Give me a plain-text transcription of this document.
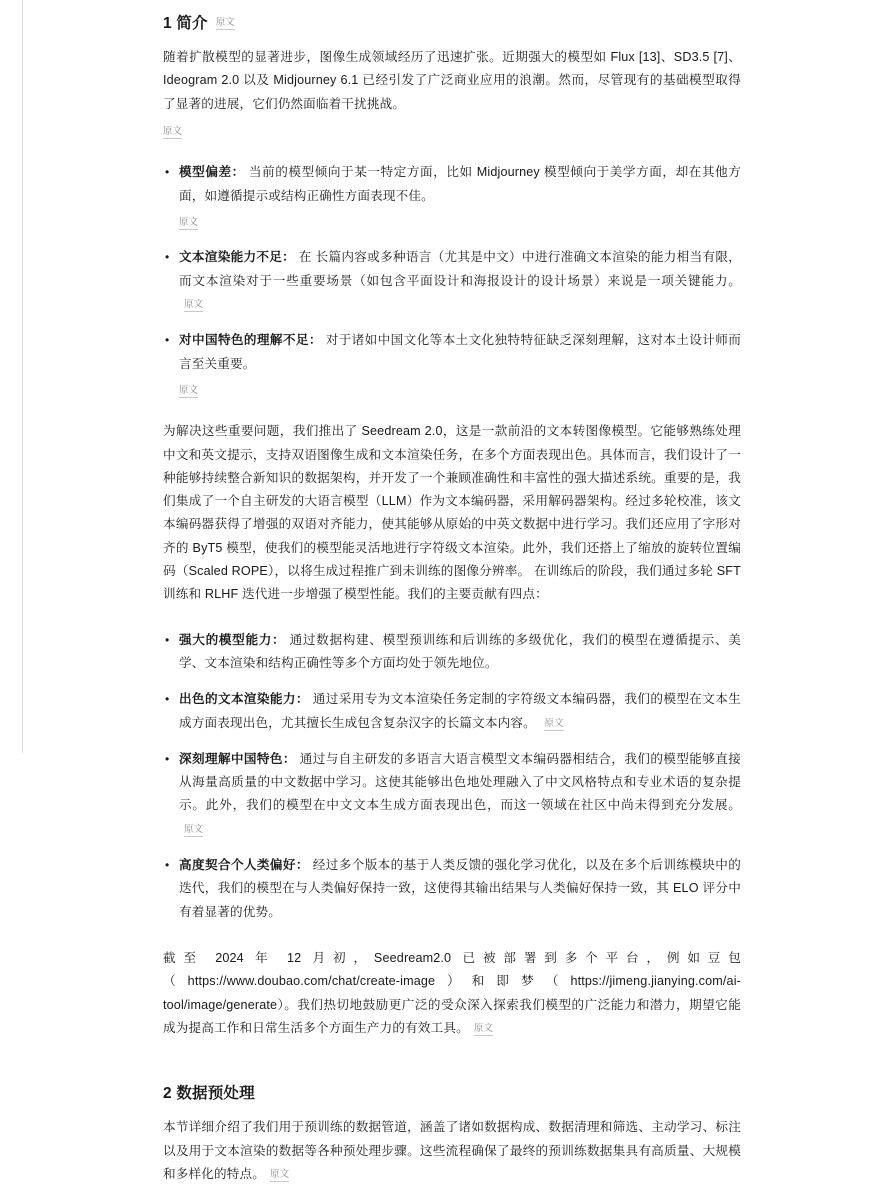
1 简介 原文

随着扩散模型的显著进步，图像生成领域经历了迅速扩张。近期强大的模型如 Flux [13]、SD3.5 [7]、Ideogram 2.0 以及 Midjourney 6.1 已经引发了广泛商业应用的浪潮。然而，尽管现有的基础模型取得了显著的进展，它们仍然面临着干扰挑战。

原文
• 模型偏差： 当前的模型倾向于某一特定方面，比如 Midjourney 模型倾向于美学方面，却在其他方面，如遵循提示或结构正确性方面表现不佳。
原文
• 文本渲染能力不足： 在 长篇内容或多种语言（尤其是中文）中进行准确文本渲染的能力相当有限，而文本渲染对于一些重要场景（如包含平面设计和海报设计的设计场景）来说是一项关键能力。 原文
• 对中国特色的理解不足： 对于诸如中国文化等本土文化独特特征缺乏深刻理解，这对本土设计师而言至关重要。
原文

为解决这些重要问题，我们推出了 Seedream 2.0，这是一款前沿的文本转图像模型。它能够熟练处理中文和英文提示，支持双语图像生成和文本渲染任务，在多个方面表现出色。具体而言，我们设计了一种能够持续整合新知识的数据架构，并开发了一个兼顾准确性和丰富性的强大描述系统。重要的是，我们集成了一个自主研发的大语言模型（LLM）作为文本编码器，采用解码器架构。经过多轮校准，该文本编码器获得了增强的双语对齐能力，使其能够从原始的中英文数据中进行学习。我们还应用了字形对齐的 ByT5 模型，使我们的模型能灵活地进行字符级文本渲染。此外，我们还搭上了缩放的旋转位置编码（Scaled ROPE），以将生成过程推广到未训练的图像分辨率。 在训练后的阶段，我们通过多轮 SFT 训练和 RLHF 迭代进一步增强了模型性能。我们的主要贡献有四点：

• 强大的模型能力： 通过数据构建、模型预训练和后训练的多级优化，我们的模型在遵循提示、美学、文本渲染和结构正确性等多个方面均处于领先地位。
• 出色的文本渲染能力： 通过采用专为文本渲染任务定制的字符级文本编码器，我们的模型在文本生成方面表现出色，尤其擅长生成包含复杂汉字的长篇文本内容。 原文
• 深刻理解中国特色： 通过与自主研发的多语言大语言模型文本编码器相结合，我们的模型能够直接从海量高质量的中文数据中学习。这使其能够出色地处理融入了中文风格特点和专业术语的复杂提示。此外，我们的模型在中文文本生成方面表现出色，而这一领域在社区中尚未得到充分发展。 原文
• 高度契合个人类偏好： 经过多个版本的基于人类反馈的强化学习优化，以及在多个后训练模块中的迭代，我们的模型在与人类偏好保持一致，这使得其输出结果与人类偏好保持一致，其 ELO 评分中有着显著的优势。

截至 2024 年 12 月初，Seedream2.0 已被部署到多个平台，例如豆包（https://www.doubao.com/chat/create-image）和即梦（https://jimeng.jianying.com/ai-tool/image/generate）。我们热切地鼓励更广泛的受众深入探索我们模型的广泛能力和潜力，期望它能成为提高工作和日常生活多个方面生产力的有效工具。 原文

2 数据预处理

本节详细介绍了我们用于预训练的数据管道，涵盖了诸如数据构成、数据清理和筛选、主动学习、标注以及用于文本渲染的数据等各种预处理步骤。这些流程确保了最终的预训练数据集具有高质量、大规模和多样化的特点。 原文
